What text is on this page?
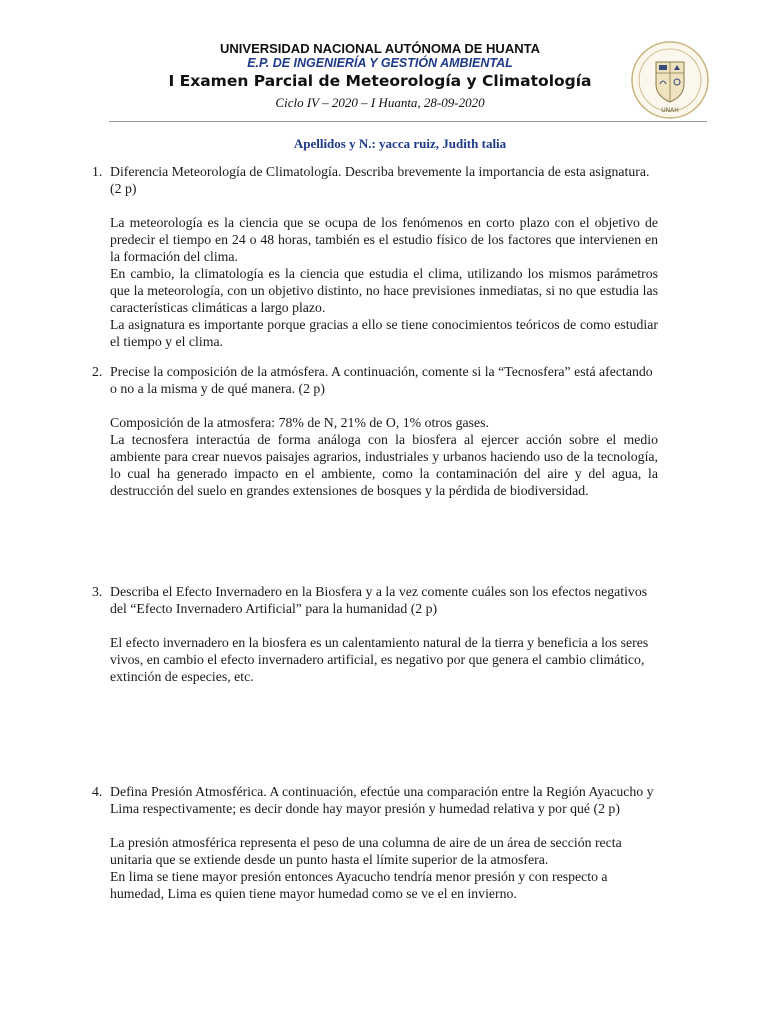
UNIVERSIDAD NACIONAL AUTÓNOMA DE HUANTA
E.P. DE INGENIERÍA Y GESTIÓN AMBIENTAL
I Examen Parcial de Meteorología y Climatología
Ciclo IV – 2020 – I Huanta, 28-09-2020
UNAH
Apellidos y N.: yacca ruiz, Judith talia
1. Diferencia Meteorología de Climatología. Describa brevemente la importancia de esta asignatura. (2 p)

La meteorología es la ciencia que se ocupa de los fenómenos en corto plazo con el objetivo de predecir el tiempo en 24 o 48 horas, también es el estudio físico de los factores que intervienen en la formación del clima.

En cambio, la climatología es la ciencia que estudia el clima, utilizando los mismos parámetros que la meteorología, con un objetivo distinto, no hace previsiones inmediatas, si no que estudia las características climáticas a largo plazo.

La asignatura es importante porque gracias a ello se tiene conocimientos teóricos de como estudiar el tiempo y el clima.

2. Precise la composición de la atmósfera. A continuación, comente si la “Tecnosfera” está afectando o no a la misma y de qué manera. (2 p)

Composición de la atmosfera: 78% de N, 21% de O, 1% otros gases.

La tecnosfera interactúa de forma análoga con la biosfera al ejercer acción sobre el medio ambiente para crear nuevos paisajes agrarios, industriales y urbanos haciendo uso de la tecnología, lo cual ha generado impacto en el ambiente, como la contaminación del aire y del agua, la destrucción del suelo en grandes extensiones de bosques y la pérdida de biodiversidad.

3. Describa el Efecto Invernadero en la Biosfera y a la vez comente cuáles son los efectos negativos del “Efecto Invernadero Artificial” para la humanidad (2 p)

El efecto invernadero en la biosfera es un calentamiento natural de la tierra y beneficia a los seres vivos, en cambio el efecto invernadero artificial, es negativo por que genera el cambio climático, extinción de especies, etc.

4. Defina Presión Atmosférica. A continuación, efectúe una comparación entre la Región Ayacucho y Lima respectivamente; es decir donde hay mayor presión y humedad relativa y por qué (2 p)

La presión atmosférica representa el peso de una columna de aire de un área de sección recta unitaria que se extiende desde un punto hasta el límite superior de la atmosfera.

En lima se tiene mayor presión entonces Ayacucho tendría menor presión y con respecto a humedad, Lima es quien tiene mayor humedad como se ve el en invierno.
